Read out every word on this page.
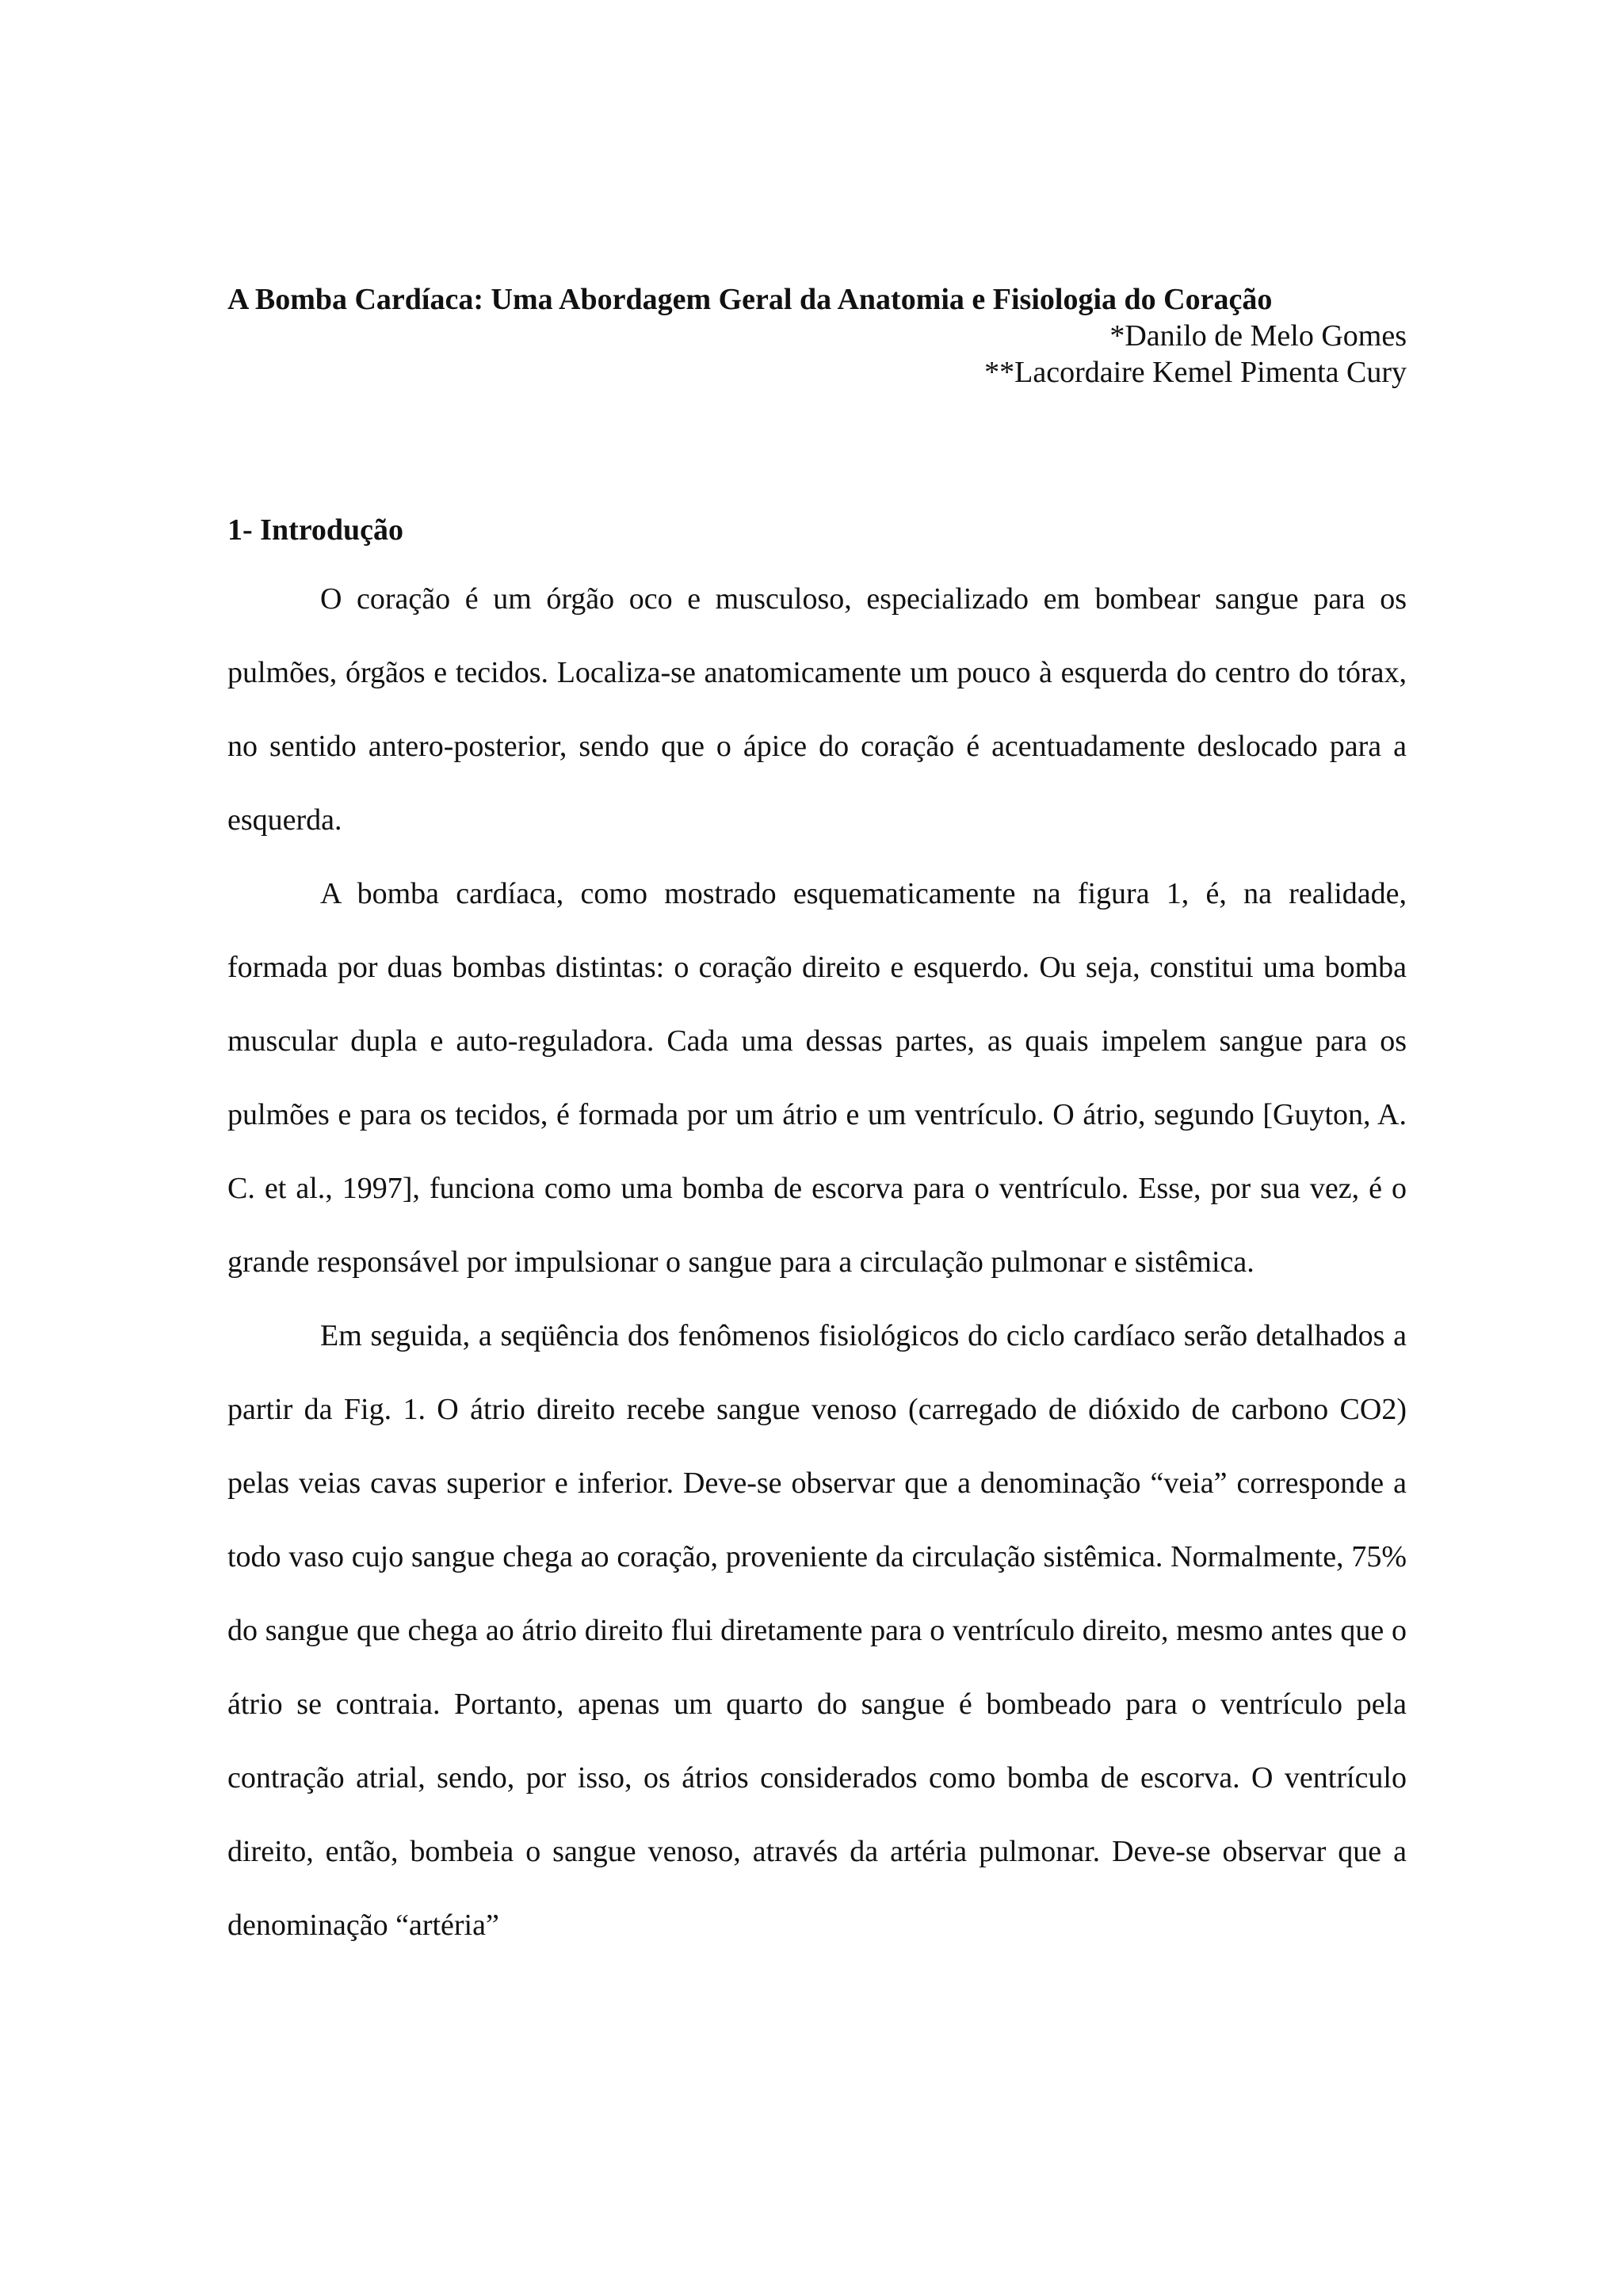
A Bomba Cardíaca: Uma Abordagem Geral da Anatomia e Fisiologia do Coração

*Danilo de Melo Gomes

**Lacordaire Kemel Pimenta Cury

1- Introdução

O coração é um órgão oco e musculoso, especializado em bombear sangue para os pulmões, órgãos e tecidos. Localiza-se anatomicamente um pouco à esquerda do centro do tórax, no sentido antero-posterior, sendo que o ápice do coração é acentuadamente deslocado para a esquerda.

A bomba cardíaca, como mostrado esquematicamente na figura 1, é, na realidade, formada por duas bombas distintas: o coração direito e esquerdo. Ou seja, constitui uma bomba muscular dupla e auto-reguladora. Cada uma dessas partes, as quais impelem sangue para os pulmões e para os tecidos, é formada por um átrio e um ventrículo. O átrio, segundo [Guyton, A. C. et al., 1997], funciona como uma bomba de escorva para o ventrículo. Esse, por sua vez, é o grande responsável por impulsionar o sangue para a circulação pulmonar e sistêmica.

Em seguida, a seqüência dos fenômenos fisiológicos do ciclo cardíaco serão detalhados a partir da Fig. 1. O átrio direito recebe sangue venoso (carregado de dióxido de carbono CO2) pelas veias cavas superior e inferior. Deve-se observar que a denominação “veia” corresponde a todo vaso cujo sangue chega ao coração, proveniente da circulação sistêmica. Normalmente, 75% do sangue que chega ao átrio direito flui diretamente para o ventrículo direito, mesmo antes que o átrio se contraia. Portanto, apenas um quarto do sangue é bombeado para o ventrículo pela contração atrial, sendo, por isso, os átrios considerados como bomba de escorva. O ventrículo direito, então, bombeia o sangue venoso, através da artéria pulmonar. Deve-se observar que a denominação “artéria”
